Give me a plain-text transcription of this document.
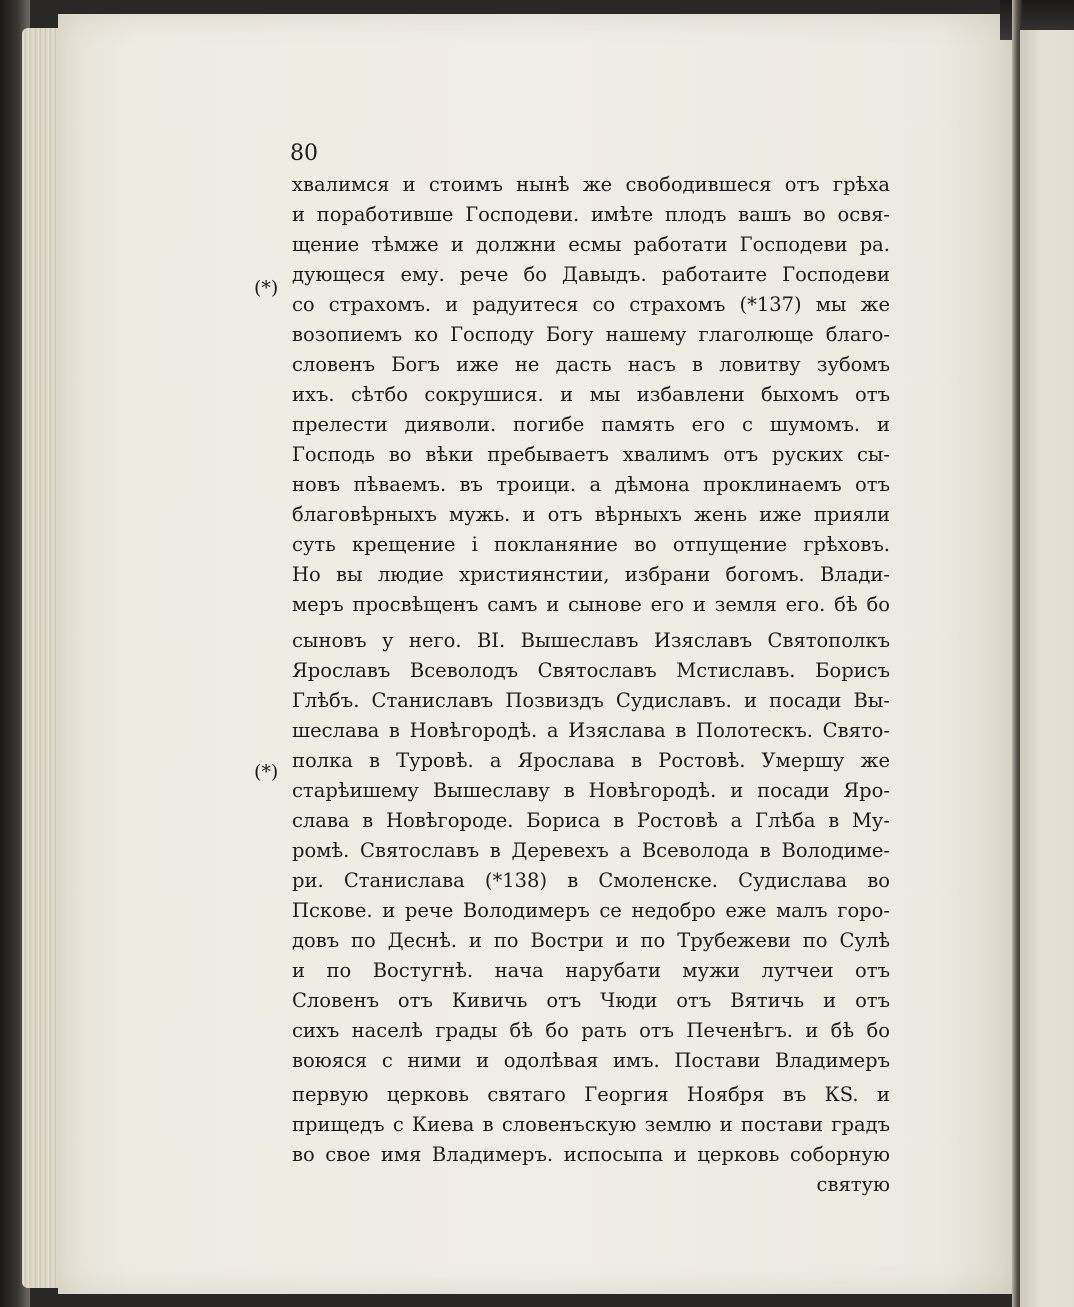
80
(*)
(*)
хвалимся и стоимъ нынѣ же свободившеся отъ грѣха
и поработивше Господеви. имѣте плодъ вашъ во освя-
щение тѣмже и должни есмы работати Господеви ра.
дующеся ему. рече бо Давыдъ. работаите Господеви
со страхомъ. и радуитеся со страхомъ (*137) мы же
возопиемъ ко Господу Богу нашему глаголюще благо-
словенъ Богъ иже не дасть насъ в ловитву зубомъ
ихъ. сѣтбо сокрушися. и мы избавлени быхомъ отъ
прелести диявoли. погибе память его с шумомъ. и
Господь во вѣки пребываетъ хвалимъ отъ руских сы-
новъ пѣваемъ. въ троици. а дѣмона проклинаемъ отъ
благовѣрныхъ мужь. и отъ вѣрныхъ жень иже прияли
суть крещение і покланяние во отпущение грѣховъ.
Но вы людие християнстии, избрани богомъ. Влади-
меръ просвѣщенъ самъ и сынове его и земля его. бѣ бо
сыновъ у него. ВІ. Вышеславъ Изяславъ Святополкъ
Ярославъ Всеволодъ Святославъ Мстиславъ. Борисъ
Глѣбъ. Станиславъ Позвиздъ Судиславъ. и посади Вы-
шеслава в Новѣгородѣ. а Изяслава в Полотескъ. Свято-
полка в Туровѣ. а Ярослава в Ростовѣ. Умершу же
старѣишему Вышеславу в Новѣгородѣ. и посади Яро-
слава в Новѣгороде. Бориса в Ростовѣ а Глѣба в Му-
ромѣ. Святославъ в Деревехъ а Всеволода в Володимe-
ри. Станислава (*138) в Смоленске. Судислава во
Пскове. и рече Володимеръ се недобро еже малъ горо-
довъ по Деснѣ. и по Востри и по Трубежеви по Сулѣ
и по Востугнѣ. нача нарубати мужи лутчеи отъ
Словенъ отъ Кивичь отъ Чюди отъ Вятичь и отъ
сихъ населѣ грады бѣ бо рать отъ Печенѣгъ. и бѣ бо
воюяся с ними и одолѣвая имъ. Постави Владимеръ
первую церковь святаго Георгия Ноября въ КS. и
прищедъ с Киева в словенъскую землю и постави градъ
во свое имя Владимеръ. испосыпа и церковь соборную
святую
